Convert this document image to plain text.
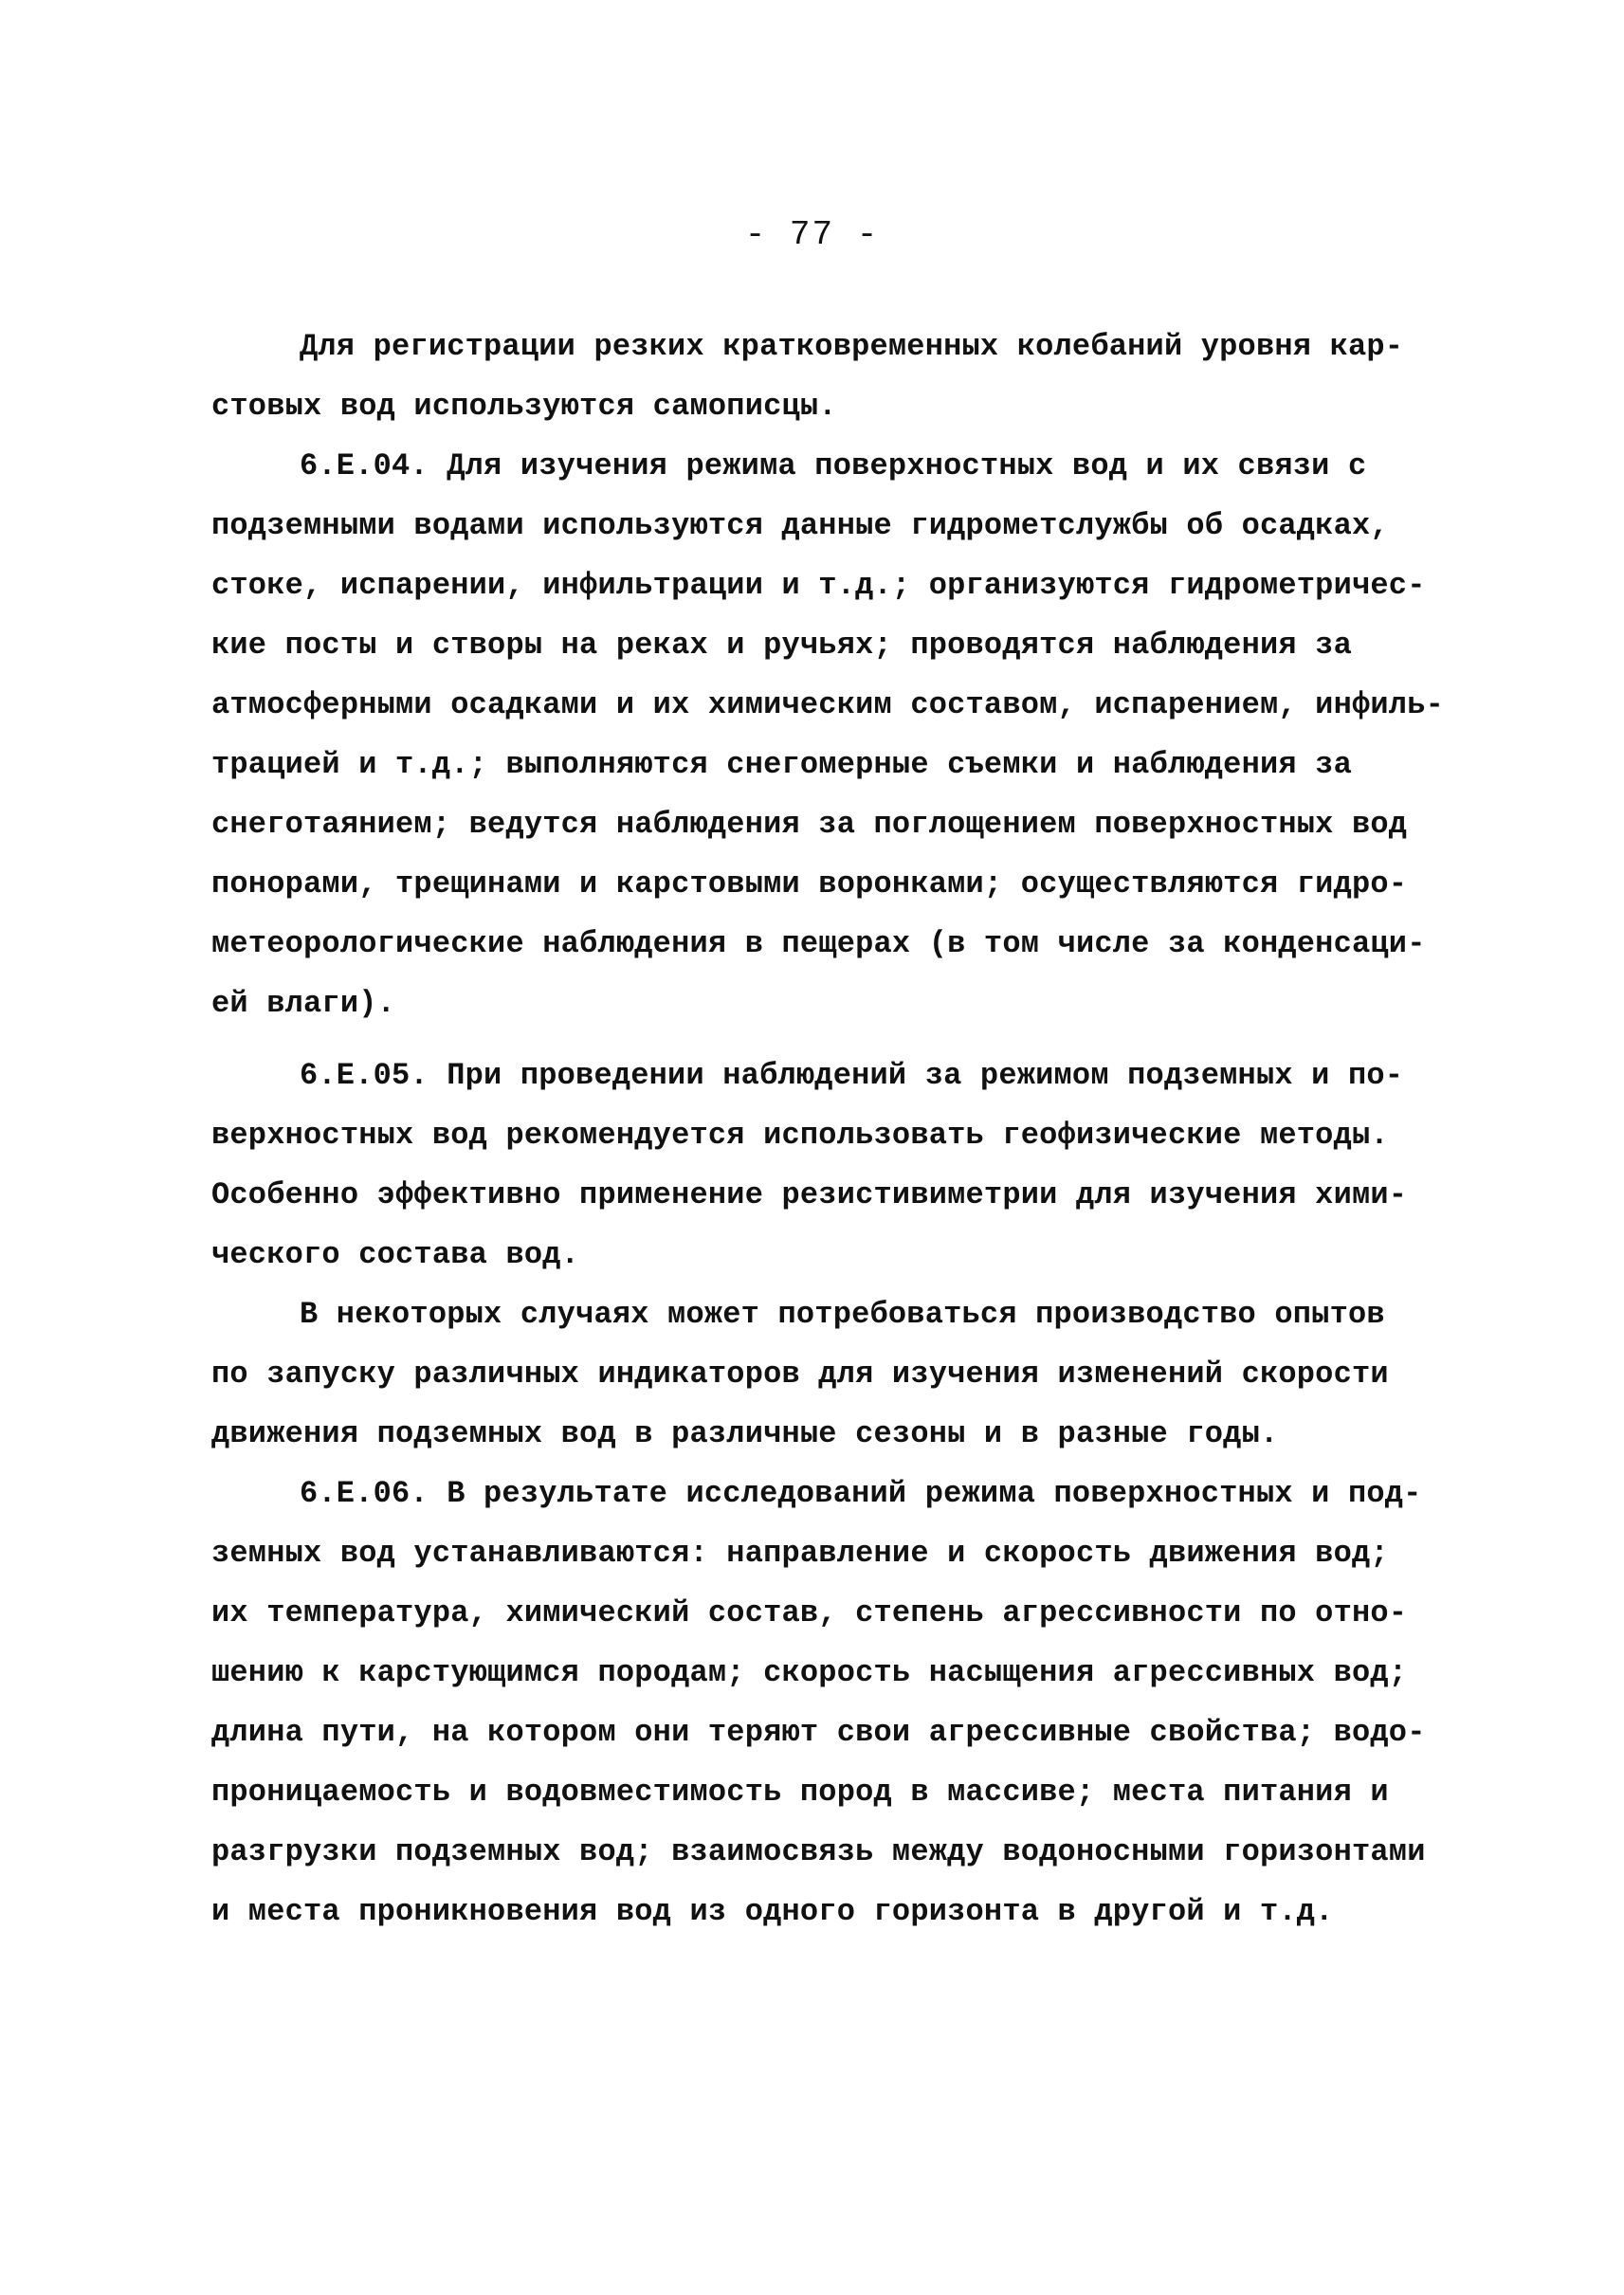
- 77 -
Для регистрации резких кратковременных колебаний уровня кар-
стовых вод используются самописцы.
6.Е.04. Для изучения режима поверхностных вод и их связи с
подземными водами используются данные гидрометслужбы об осадках,
стоке, испарении, инфильтрации и т.д.; организуются гидрометричес-
кие посты и створы на реках и ручьях; проводятся наблюдения за
атмосферными осадками и их химическим составом, испарением, инфиль-
трацией и т.д.; выполняются снегомерные съемки и наблюдения за
снеготаянием; ведутся наблюдения за поглощением поверхностных вод
понорами, трещинами и карстовыми воронками; осуществляются гидро-
метеорологические наблюдения в пещерах (в том числе за конденсаци-
ей влаги).
6.Е.05. При проведении наблюдений за режимом подземных и по-
верхностных вод рекомендуется использовать геофизические методы.
Особенно эффективно применение резистивиметрии для изучения хими-
ческого состава вод.
В некоторых случаях может потребоваться производство опытов
по запуску различных индикаторов для изучения изменений скорости
движения подземных вод в различные сезоны и в разные годы.
6.Е.06. В результате исследований режима поверхностных и под-
земных вод устанавливаются: направление и скорость движения вод;
их температура, химический состав, степень агрессивности по отно-
шению к карстующимся породам; скорость насыщения агрессивных вод;
длина пути, на котором они теряют свои агрессивные свойства; водо-
проницаемость и водовместимость пород в массиве; места питания и
разгрузки подземных вод; взаимосвязь между водоносными горизонтами
и места проникновения вод из одного горизонта в другой и т.д.
